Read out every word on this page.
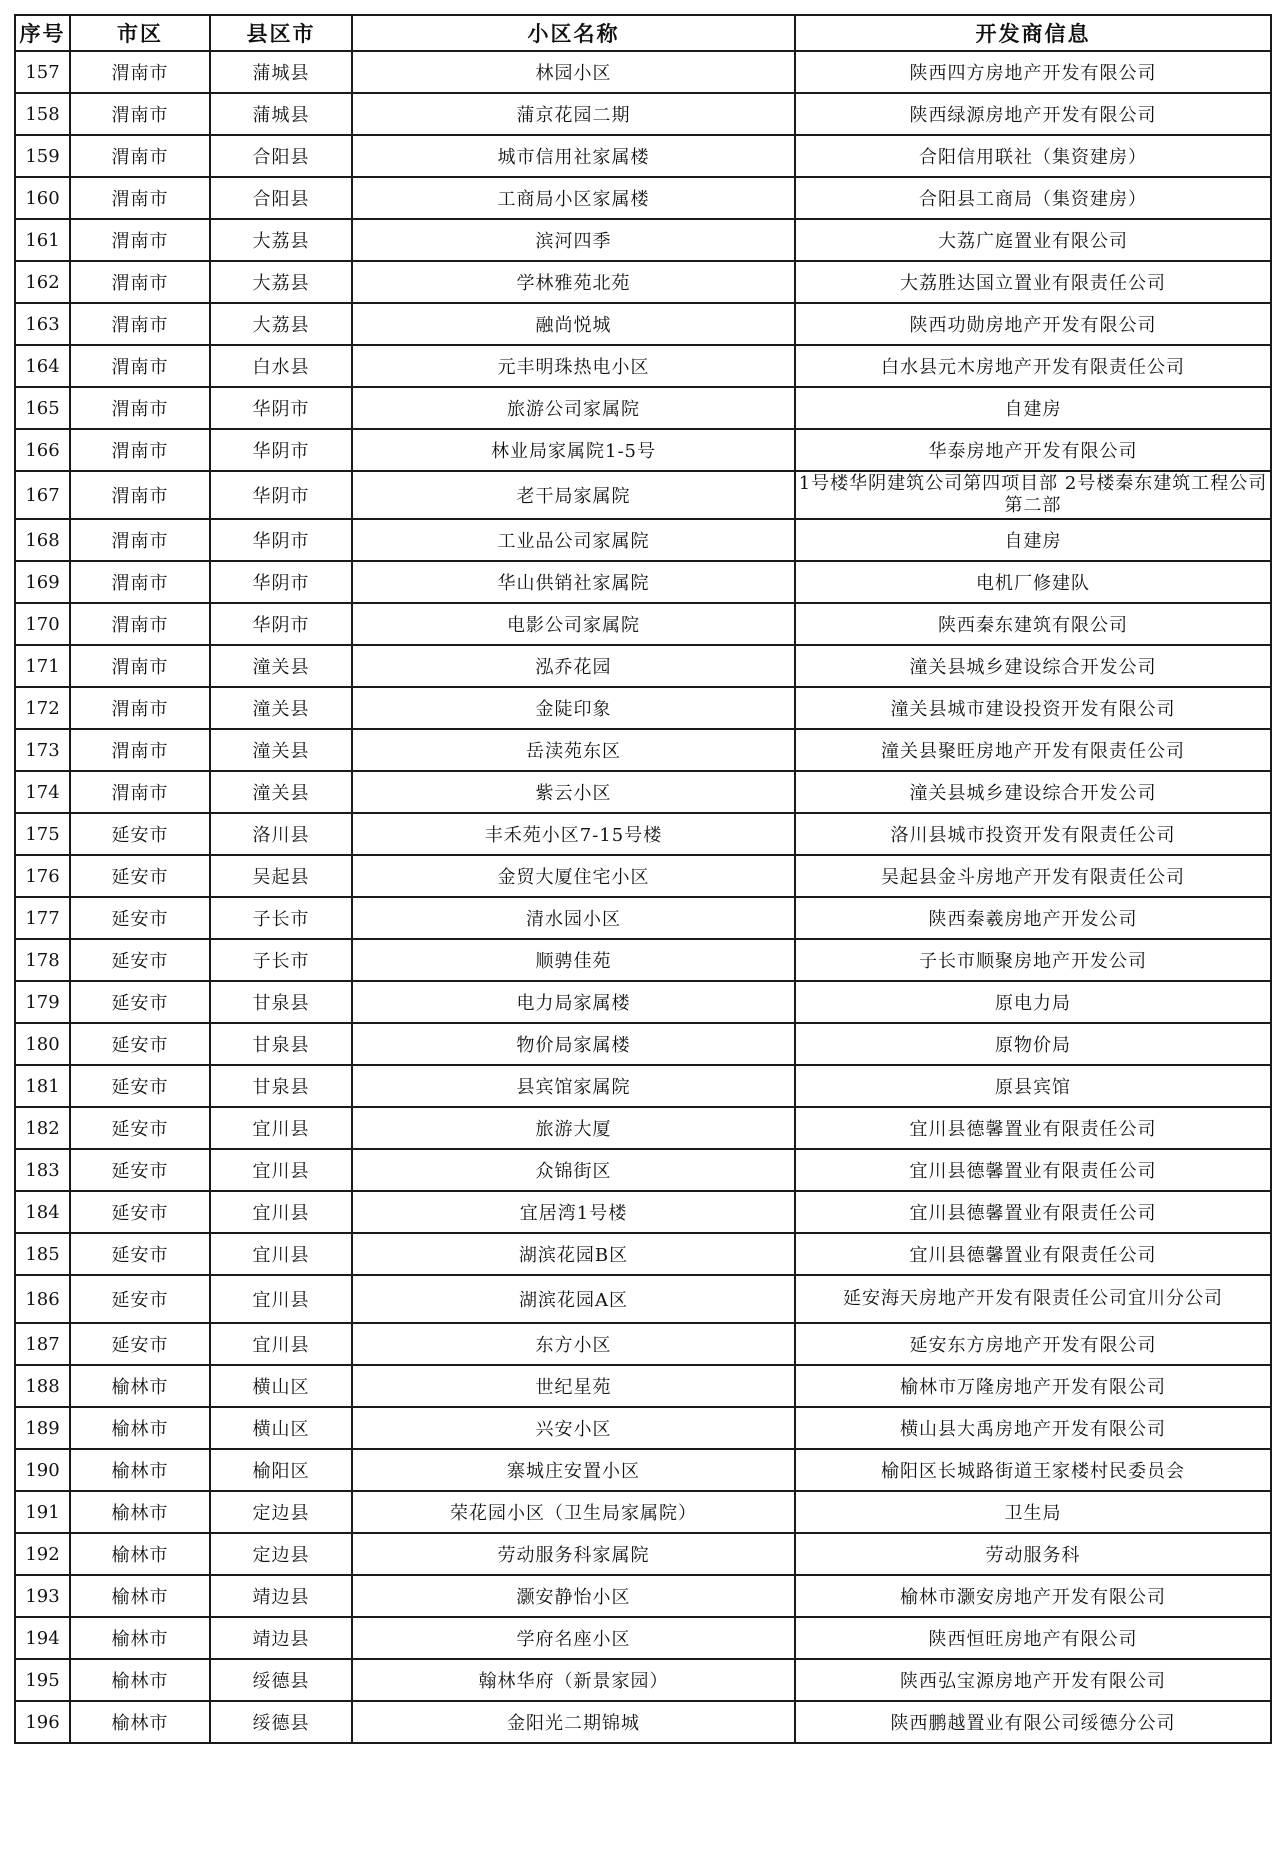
序号	市区	县区市	小区名称	开发商信息
157	渭南市	蒲城县	林园小区	陕西四方房地产开发有限公司
158	渭南市	蒲城县	蒲京花园二期	陕西绿源房地产开发有限公司
159	渭南市	合阳县	城市信用社家属楼	合阳信用联社（集资建房）
160	渭南市	合阳县	工商局小区家属楼	合阳县工商局（集资建房）
161	渭南市	大荔县	滨河四季	大荔广庭置业有限公司
162	渭南市	大荔县	学林雅苑北苑	大荔胜达国立置业有限责任公司
163	渭南市	大荔县	融尚悦城	陕西功勋房地产开发有限公司
164	渭南市	白水县	元丰明珠热电小区	白水县元木房地产开发有限责任公司
165	渭南市	华阴市	旅游公司家属院	自建房
166	渭南市	华阴市	林业局家属院1-5号	华泰房地产开发有限公司
167	渭南市	华阴市	老干局家属院	1号楼华阴建筑公司第四项目部 2号楼秦东建筑工程公司第二部
168	渭南市	华阴市	工业品公司家属院	自建房
169	渭南市	华阴市	华山供销社家属院	电机厂修建队
170	渭南市	华阴市	电影公司家属院	陕西秦东建筑有限公司
171	渭南市	潼关县	泓乔花园	潼关县城乡建设综合开发公司
172	渭南市	潼关县	金陡印象	潼关县城市建设投资开发有限公司
173	渭南市	潼关县	岳渎苑东区	潼关县聚旺房地产开发有限责任公司
174	渭南市	潼关县	紫云小区	潼关县城乡建设综合开发公司
175	延安市	洛川县	丰禾苑小区7-15号楼	洛川县城市投资开发有限责任公司
176	延安市	吴起县	金贸大厦住宅小区	吴起县金斗房地产开发有限责任公司
177	延安市	子长市	清水园小区	陕西秦羲房地产开发公司
178	延安市	子长市	顺骋佳苑	子长市顺聚房地产开发公司
179	延安市	甘泉县	电力局家属楼	原电力局
180	延安市	甘泉县	物价局家属楼	原物价局
181	延安市	甘泉县	县宾馆家属院	原县宾馆
182	延安市	宜川县	旅游大厦	宜川县德馨置业有限责任公司
183	延安市	宜川县	众锦街区	宜川县德馨置业有限责任公司
184	延安市	宜川县	宜居湾1号楼	宜川县德馨置业有限责任公司
185	延安市	宜川县	湖滨花园B区	宜川县德馨置业有限责任公司
186	延安市	宜川县	湖滨花园A区	延安海天房地产开发有限责任公司宜川分公司
187	延安市	宜川县	东方小区	延安东方房地产开发有限公司
188	榆林市	横山区	世纪星苑	榆林市万隆房地产开发有限公司
189	榆林市	横山区	兴安小区	横山县大禹房地产开发有限公司
190	榆林市	榆阳区	寨城庄安置小区	榆阳区长城路街道王家楼村民委员会
191	榆林市	定边县	荣花园小区（卫生局家属院）	卫生局
192	榆林市	定边县	劳动服务科家属院	劳动服务科
193	榆林市	靖边县	灏安静怡小区	榆林市灏安房地产开发有限公司
194	榆林市	靖边县	学府名座小区	陕西恒旺房地产有限公司
195	榆林市	绥德县	翰林华府（新景家园）	陕西弘宝源房地产开发有限公司
196	榆林市	绥德县	金阳光二期锦城	陕西鹏越置业有限公司绥德分公司
